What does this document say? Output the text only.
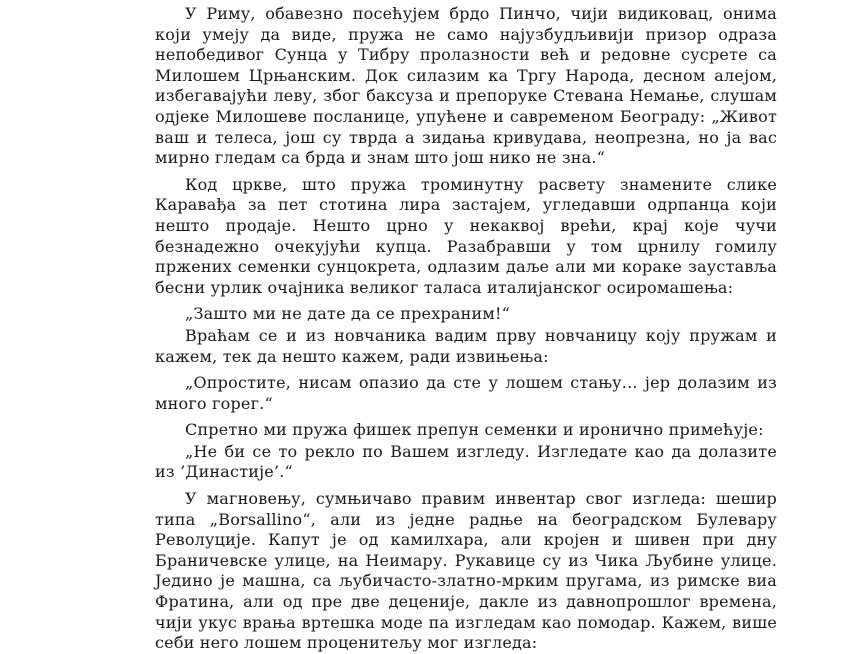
У Риму, обавезно посећујем брдо Пинчо, чији видиковац, онима који умеју да виде, пружа не само најузбудљивији призор одраза непобедивог Сунца у Тибру пролазности већ и редовне сусрете са Милошем Црњанским. Док силазим ка Тргу Народа, десном алејом, избегавајући леву, због баксуза и препоруке Стевана Немање, слушам одјеке Милошеве посланице, упућене и савременом Београду: „Живот ваш и телеса, још су тврда а зидања кривудава, неопрезна, но ја вас мирно гледам са брда и знам што још нико не зна.“

Код цркве, што пружа троминутну расвету знамените слике Каравађа за пет стотина лира застајем, угледавши одрпанца који нешто продаје. Нешто црно у некаквој врећи, крај које чучи безнадежно очекујући купца. Разабравши у том црнилу гомилу пржених семенки сунцокрета, одлазим даље али ми кораке зауставља бесни урлик очајника великог таласа италијанског осиромашења:

„Зашто ми не дате да се прехраним!“

Враћам се и из новчаника вадим прву новчаницу коју пружам и кажем, тек да нешто кажем, ради извињења:

„Опростите, нисам опазио да сте у лошем стању... јер долазим из много горег.“

Спретно ми пружа фишек препун семенки и иронично примећује:

„Не би се то рекло по Вашем изгледу. Изгледате као да долазите из ’Династије’.“

У магновењу, сумњичаво правим инвентар свог изгледа: шешир типа „Borsallino“, али из једне радње на београдском Булевару Револуције. Капут је од камилхара, али кројен и шивен при дну Браничевске улице, на Неимару. Рукавице су из Чика Љубине улице. Једино је машна, са љубичасто-златно-мрким пругама, из римске виа Фратина, али од пре две деценије, дакле из давнопрошлог времена, чији укус врања вртешка моде па изгледам као помодар. Кажем, више себи него лошем проценитељу мог изгледа:
